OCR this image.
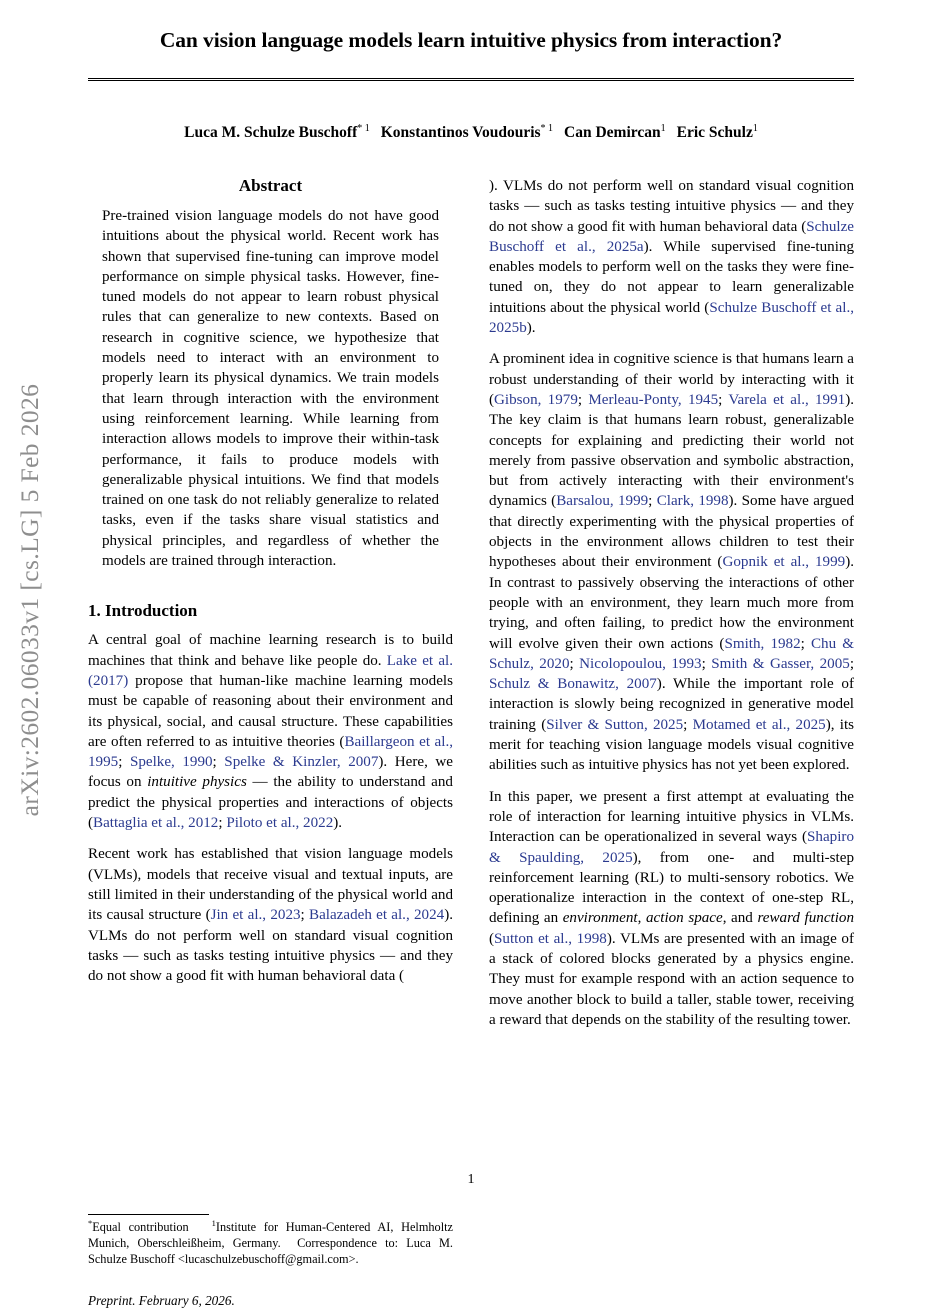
arXiv:2602.06033v1 [cs.LG] 5 Feb 2026
Can vision language models learn intuitive physics from interaction?
Luca M. Schulze Buschoff$^{* 1}$ Konstantinos Voudouris$^{* 1}$ Can Demircan$^1$ Eric Schulz$^1$
Abstract
Pre-trained vision language models do not have good intuitions about the physical world. Recent work has shown that supervised fine-tuning can improve model performance on simple physical tasks. However, fine-tuned models do not appear to learn robust physical rules that can generalize to new contexts. Based on research in cognitive science, we hypothesize that models need to interact with an environment to properly learn its physical dynamics. We train models that learn through interaction with the environment using reinforcement learning. While learning from interaction allows models to improve their within-task performance, it fails to produce models with generalizable physical intuitions. We find that models trained on one task do not reliably generalize to related tasks, even if the tasks share visual statistics and physical principles, and regardless of whether the models are trained through interaction.
1. Introduction

A central goal of machine learning research is to build machines that think and behave like people do. Lake et al. (2017) propose that human-like machine learning models must be capable of reasoning about their environment and its physical, social, and causal structure. These capabilities are often referred to as intuitive theories (Baillargeon et al., 1995; Spelke, 1990; Spelke & Kinzler, 2007). Here, we focus on intuitive physics — the ability to understand and predict the physical properties and interactions of objects (Battaglia et al., 2012; Piloto et al., 2022).

Recent work has established that vision language models (VLMs), models that receive visual and textual inputs, are still limited in their understanding of the physical world and its causal structure (Jin et al., 2023; Balazadeh et al., 2024). VLMs do not perform well on standard visual cognition tasks — such as tasks testing intuitive physics — and they do not show a good fit with human behavioral data (

). VLMs do not perform well on standard visual cognition tasks — such as tasks testing intuitive physics — and they do not show a good fit with human behavioral data (Schulze Buschoff et al., 2025a). While supervised fine-tuning enables models to perform well on the tasks they were fine-tuned on, they do not appear to learn generalizable intuitions about the physical world (Schulze Buschoff et al., 2025b).

A prominent idea in cognitive science is that humans learn a robust understanding of their world by interacting with it (Gibson, 1979; Merleau-Ponty, 1945; Varela et al., 1991). The key claim is that humans learn robust, generalizable concepts for explaining and predicting their world not merely from passive observation and symbolic abstraction, but from actively interacting with their environment's dynamics (Barsalou, 1999; Clark, 1998). Some have argued that directly experimenting with the physical properties of objects in the environment allows children to test their hypotheses about their environment (Gopnik et al., 1999). In contrast to passively observing the interactions of other people with an environment, they learn much more from trying, and often failing, to predict how the environment will evolve given their own actions (Smith, 1982; Chu & Schulz, 2020; Nicolopoulou, 1993; Smith & Gasser, 2005; Schulz & Bonawitz, 2007). While the important role of interaction is slowly being recognized in generative model training (Silver & Sutton, 2025; Motamed et al., 2025), its merit for teaching vision language models visual cognitive abilities such as intuitive physics has not yet been explored.

In this paper, we present a first attempt at evaluating the role of interaction for learning intuitive physics in VLMs. Interaction can be operationalized in several ways (Shapiro & Spaulding, 2025), from one- and multi-step reinforcement learning (RL) to multi-sensory robotics. We operationalize interaction in the context of one-step RL, defining an environment, action space, and reward function (Sutton et al., 1998). VLMs are presented with an image of a stack of colored blocks generated by a physics engine. They must for example respond with an action sequence to move another block to build a taller, stable tower, receiving a reward that depends on the stability of the resulting tower.

*Equal contribution	$^1$Institute for Human-Centered AI, Helmholtz Munich, Oberschleißheim, Germany. Correspondence to: Luca M. Schulze Buschoff <lucaschulzebuschoff@gmail.com>.

Preprint. February 6, 2026.
1
